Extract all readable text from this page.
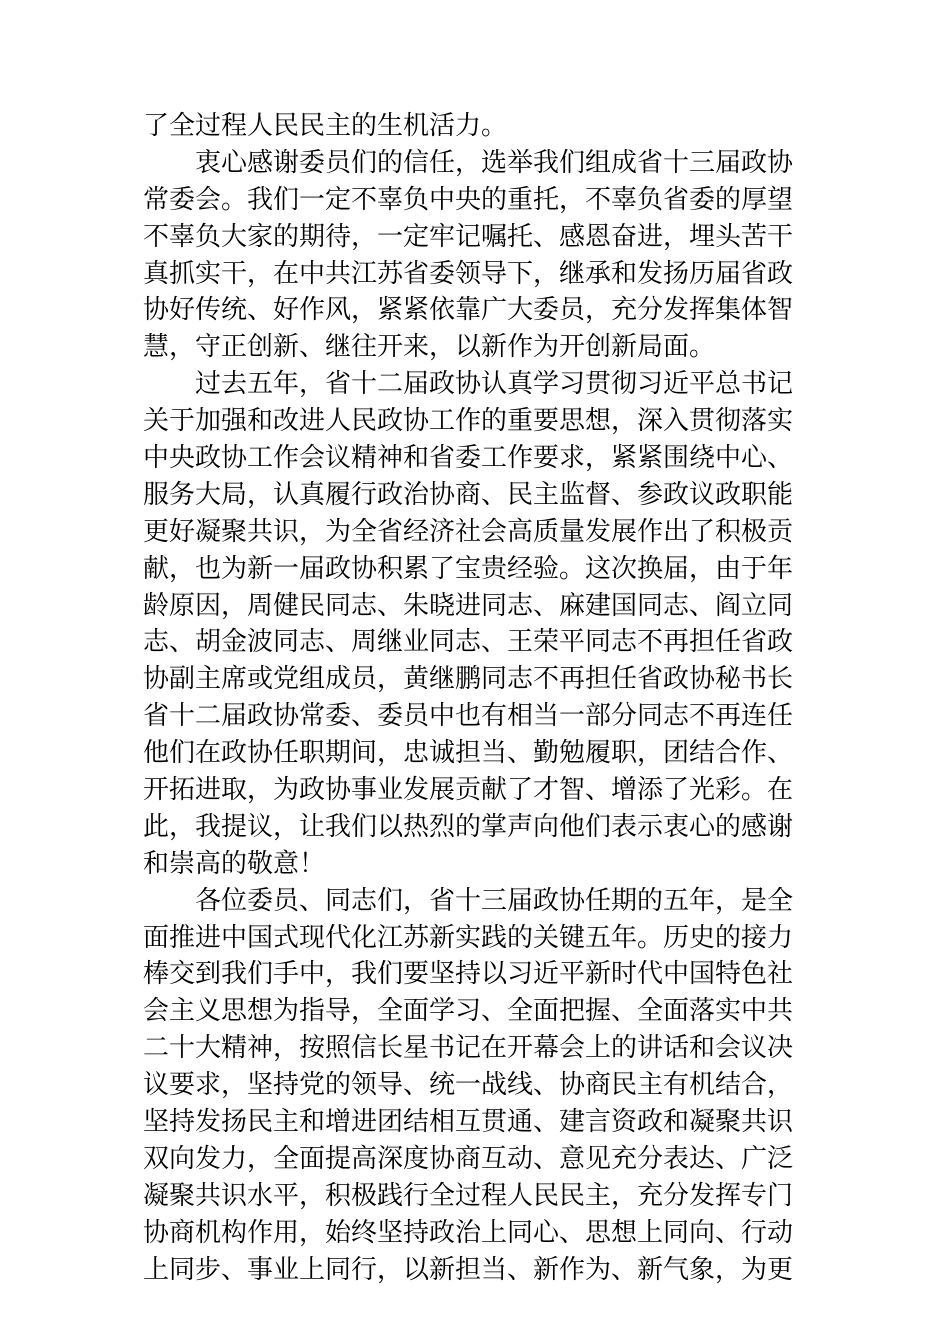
了全过程人民民主的生机活力。
衷心感谢委员们的信任，选举我们组成省十三届政协
常委会。我们一定不辜负中央的重托，不辜负省委的厚望
不辜负大家的期待，一定牢记嘱托、感恩奋进，埋头苦干
真抓实干，在中共江苏省委领导下，继承和发扬历届省政
协好传统、好作风，紧紧依靠广大委员，充分发挥集体智
慧，守正创新、继往开来，以新作为开创新局面。
过去五年，省十二届政协认真学习贯彻习近平总书记
关于加强和改进人民政协工作的重要思想，深入贯彻落实
中央政协工作会议精神和省委工作要求，紧紧围绕中心、
服务大局，认真履行政治协商、民主监督、参政议政职能
更好凝聚共识，为全省经济社会高质量发展作出了积极贡
献，也为新一届政协积累了宝贵经验。这次换届，由于年
龄原因，周健民同志、朱晓进同志、麻建国同志、阎立同
志、胡金波同志、周继业同志、王荣平同志不再担任省政
协副主席或党组成员，黄继鹏同志不再担任省政协秘书长
省十二届政协常委、委员中也有相当一部分同志不再连任
他们在政协任职期间，忠诚担当、勤勉履职，团结合作、
开拓进取，为政协事业发展贡献了才智、增添了光彩。在
此，我提议，让我们以热烈的掌声向他们表示衷心的感谢
和崇高的敬意！
各位委员、同志们，省十三届政协任期的五年，是全
面推进中国式现代化江苏新实践的关键五年。历史的接力
棒交到我们手中，我们要坚持以习近平新时代中国特色社
会主义思想为指导，全面学习、全面把握、全面落实中共
二十大精神，按照信长星书记在开幕会上的讲话和会议决
议要求，坚持党的领导、统一战线、协商民主有机结合，
坚持发扬民主和增进团结相互贯通、建言资政和凝聚共识
双向发力，全面提高深度协商互动、意见充分表达、广泛
凝聚共识水平，积极践行全过程人民民主，充分发挥专门
协商机构作用，始终坚持政治上同心、思想上同向、行动
上同步、事业上同行，以新担当、新作为、新气象，为更
